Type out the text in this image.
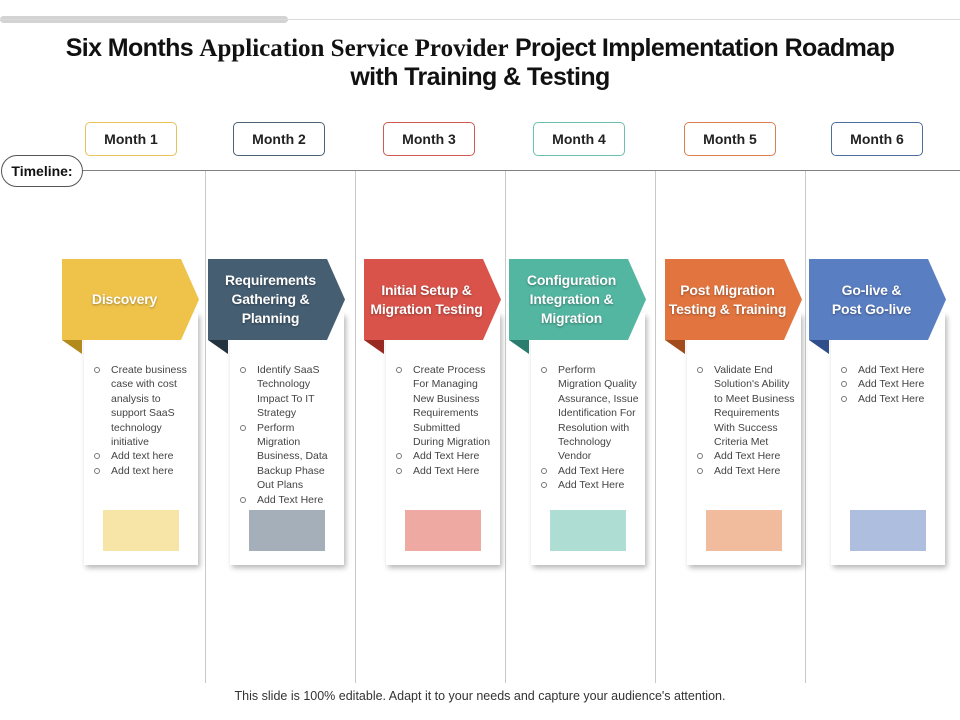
Six Months Application Service Provider Project Implementation Roadmap
with Training & Testing
Timeline:
Month 1
Create business case with cost analysis to support SaaS technology initiative
Add text here
Add text here
Discovery
Month 2
Identify SaaS Technology Impact To IT Strategy
Perform Migration Business, Data Backup Phase Out Plans
Add Text Here
Requirements
Gathering &
Planning
Month 3
Create Process For Managing New Business Requirements Submitted During Migration
Add Text Here
Add Text Here
Initial Setup &
Migration Testing
Month 4
Perform Migration Quality Assurance, Issue Identification For Resolution with Technology Vendor
Add Text Here
Add Text Here
Configuration
Integration &
Migration
Month 5
Validate End Solution's Ability to Meet Business Requirements With Success Criteria Met
Add Text Here
Add Text Here
Post Migration
Testing & Training
Month 6
Add Text Here
Add Text Here
Add Text Here
Go-live &
Post Go-live
This slide is 100% editable. Adapt it to your needs and capture your audience's attention.
